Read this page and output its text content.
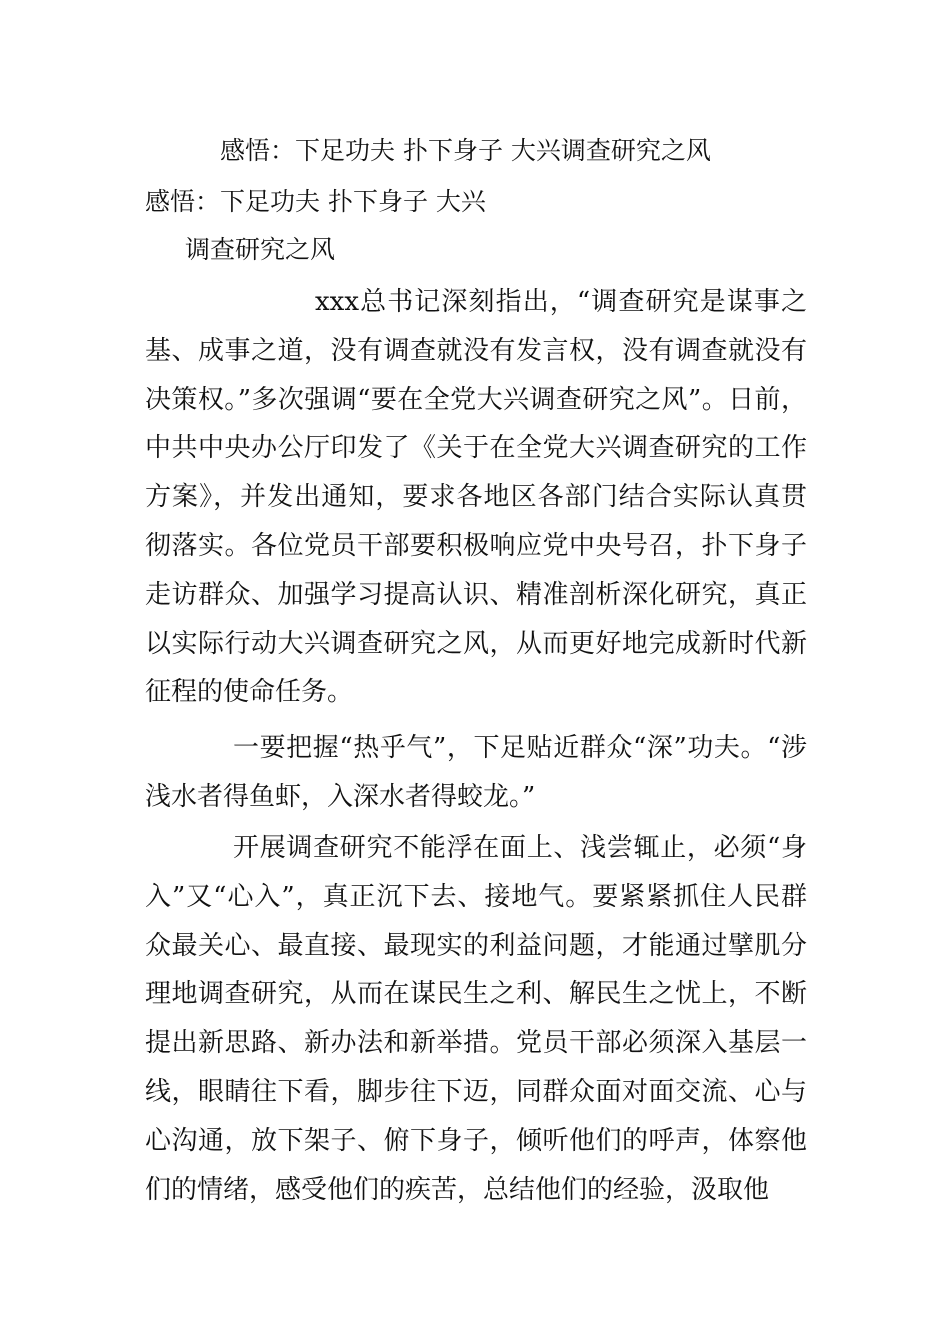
感悟：下足功夫 扑下身子 大兴调查研究之风
感悟：下足功夫 扑下身子 大兴
调查研究之风

xxx总书记深刻指出，“调查研究是谋事之基、成事之道，没有调查就没有发言权，没有调查就没有决策权。”多次强调“要在全党大兴调查研究之风”。日前，中共中央办公厅印发了《关于在全党大兴调查研究的工作方案》，并发出通知，要求各地区各部门结合实际认真贯彻落实。各位党员干部要积极响应党中央号召，扑下身子走访群众、加强学习提高认识、精准剖析深化研究，真正以实际行动大兴调查研究之风，从而更好地完成新时代新征程的使命任务。

一要把握“热乎气”，下足贴近群众“深”功夫。“涉浅水者得鱼虾，入深水者得蛟龙。”

开展调查研究不能浮在面上、浅尝辄止，必须“身入”又“心入”，真正沉下去、接地气。要紧紧抓住人民群众最关心、最直接、最现实的利益问题，才能通过擘肌分理地调查研究，从而在谋民生之利、解民生之忧上，不断提出新思路、新办法和新举措。党员干部必须深入基层一线，眼睛往下看，脚步往下迈，同群众面对面交流、心与心沟通，放下架子、俯下身子，倾听他们的呼声，体察他们的情绪，感受他们的疾苦，总结他们的经验，汲取他
